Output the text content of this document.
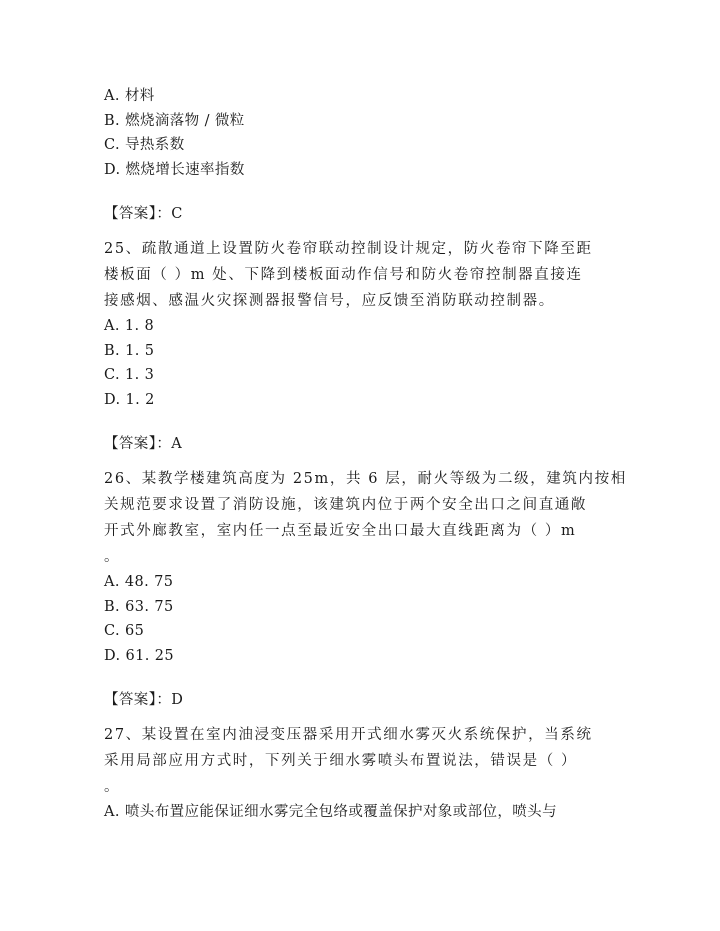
A. 材料
B. 燃烧滴落物 / 微粒
C. 导热系数
D. 燃烧增长速率指数
【答案】：C
25、疏散通道上设置防火卷帘联动控制设计规定，防火卷帘下降至距
楼板面（ ）m 处、下降到楼板面动作信号和防火卷帘控制器直接连
接感烟、感温火灾探测器报警信号，应反馈至消防联动控制器。
A. 1. 8
B. 1. 5
C. 1. 3
D. 1. 2
【答案】：A
26、某教学楼建筑高度为 25m，共 6 层，耐火等级为二级，建筑内按相
关规范要求设置了消防设施，该建筑内位于两个安全出口之间直通敞
开式外廊教室，室内任一点至最近安全出口最大直线距离为（ ）m
。
A. 48. 75
B. 63. 75
C. 65
D. 61. 25
【答案】：D
27、某设置在室内油浸变压器采用开式细水雾灭火系统保护，当系统
采用局部应用方式时，下列关于细水雾喷头布置说法，错误是（ ）
。
A. 喷头布置应能保证细水雾完全包络或覆盖保护对象或部位，喷头与
